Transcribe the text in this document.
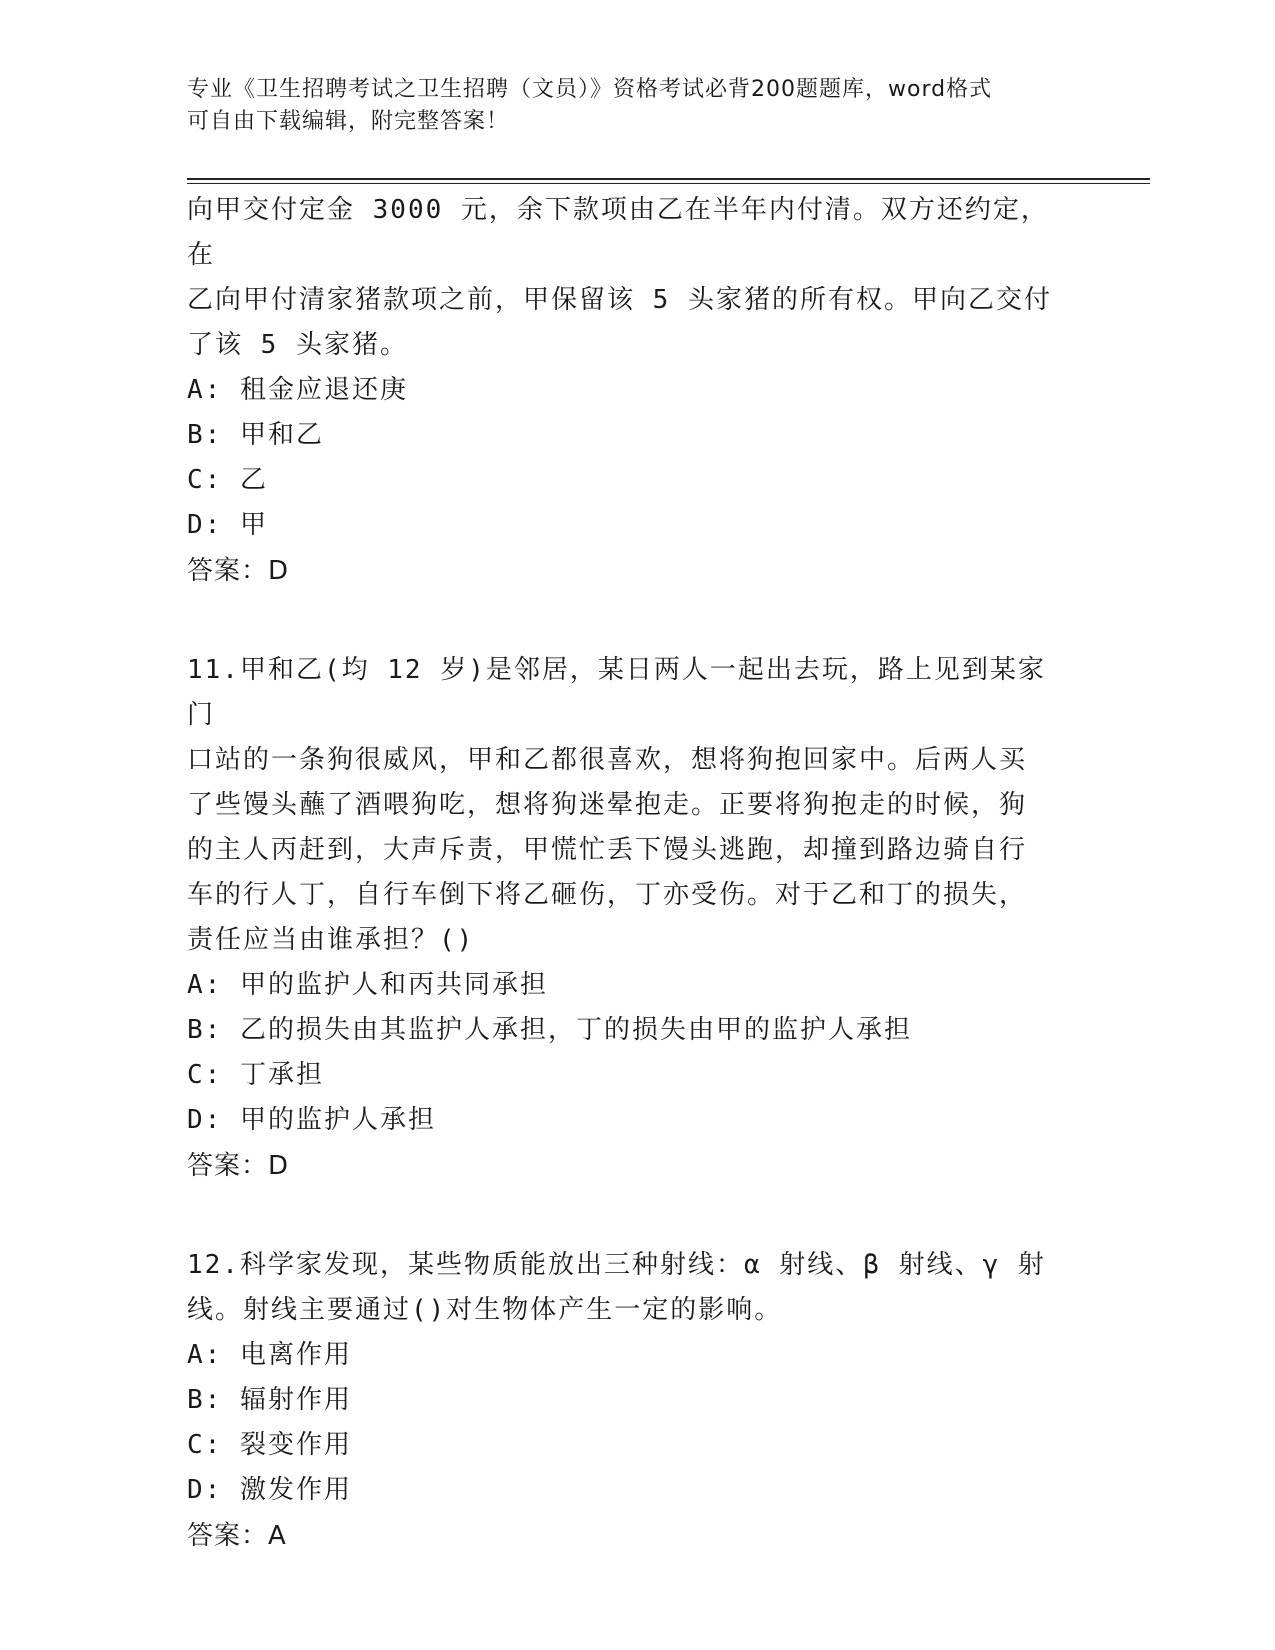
专业《卫生招聘考试之卫生招聘（文员）》资格考试必背200题题库，word格式
可自由下载编辑，附完整答案！

向甲交付定金 3000 元，余下款项由乙在半年内付清。双方还约定，在

乙向甲付清家猪款项之前，甲保留该 5 头家猪的所有权。甲向乙交付

了该 5 头家猪。

A: 租金应退还庚

B: 甲和乙

C: 乙

D: 甲

答案：D

11.甲和乙(均 12 岁)是邻居，某日两人一起出去玩，路上见到某家门

口站的一条狗很威风，甲和乙都很喜欢，想将狗抱回家中。后两人买

了些馒头蘸了酒喂狗吃，想将狗迷晕抱走。正要将狗抱走的时候，狗

的主人丙赶到，大声斥责，甲慌忙丢下馒头逃跑，却撞到路边骑自行

车的行人丁，自行车倒下将乙砸伤，丁亦受伤。对于乙和丁的损失，

责任应当由谁承担？()

A: 甲的监护人和丙共同承担

B: 乙的损失由其监护人承担，丁的损失由甲的监护人承担

C: 丁承担

D: 甲的监护人承担

答案：D

12.科学家发现，某些物质能放出三种射线：α 射线、β 射线、γ 射

线。射线主要通过()对生物体产生一定的影响。

A: 电离作用

B: 辐射作用

C: 裂变作用

D: 激发作用

答案：A
